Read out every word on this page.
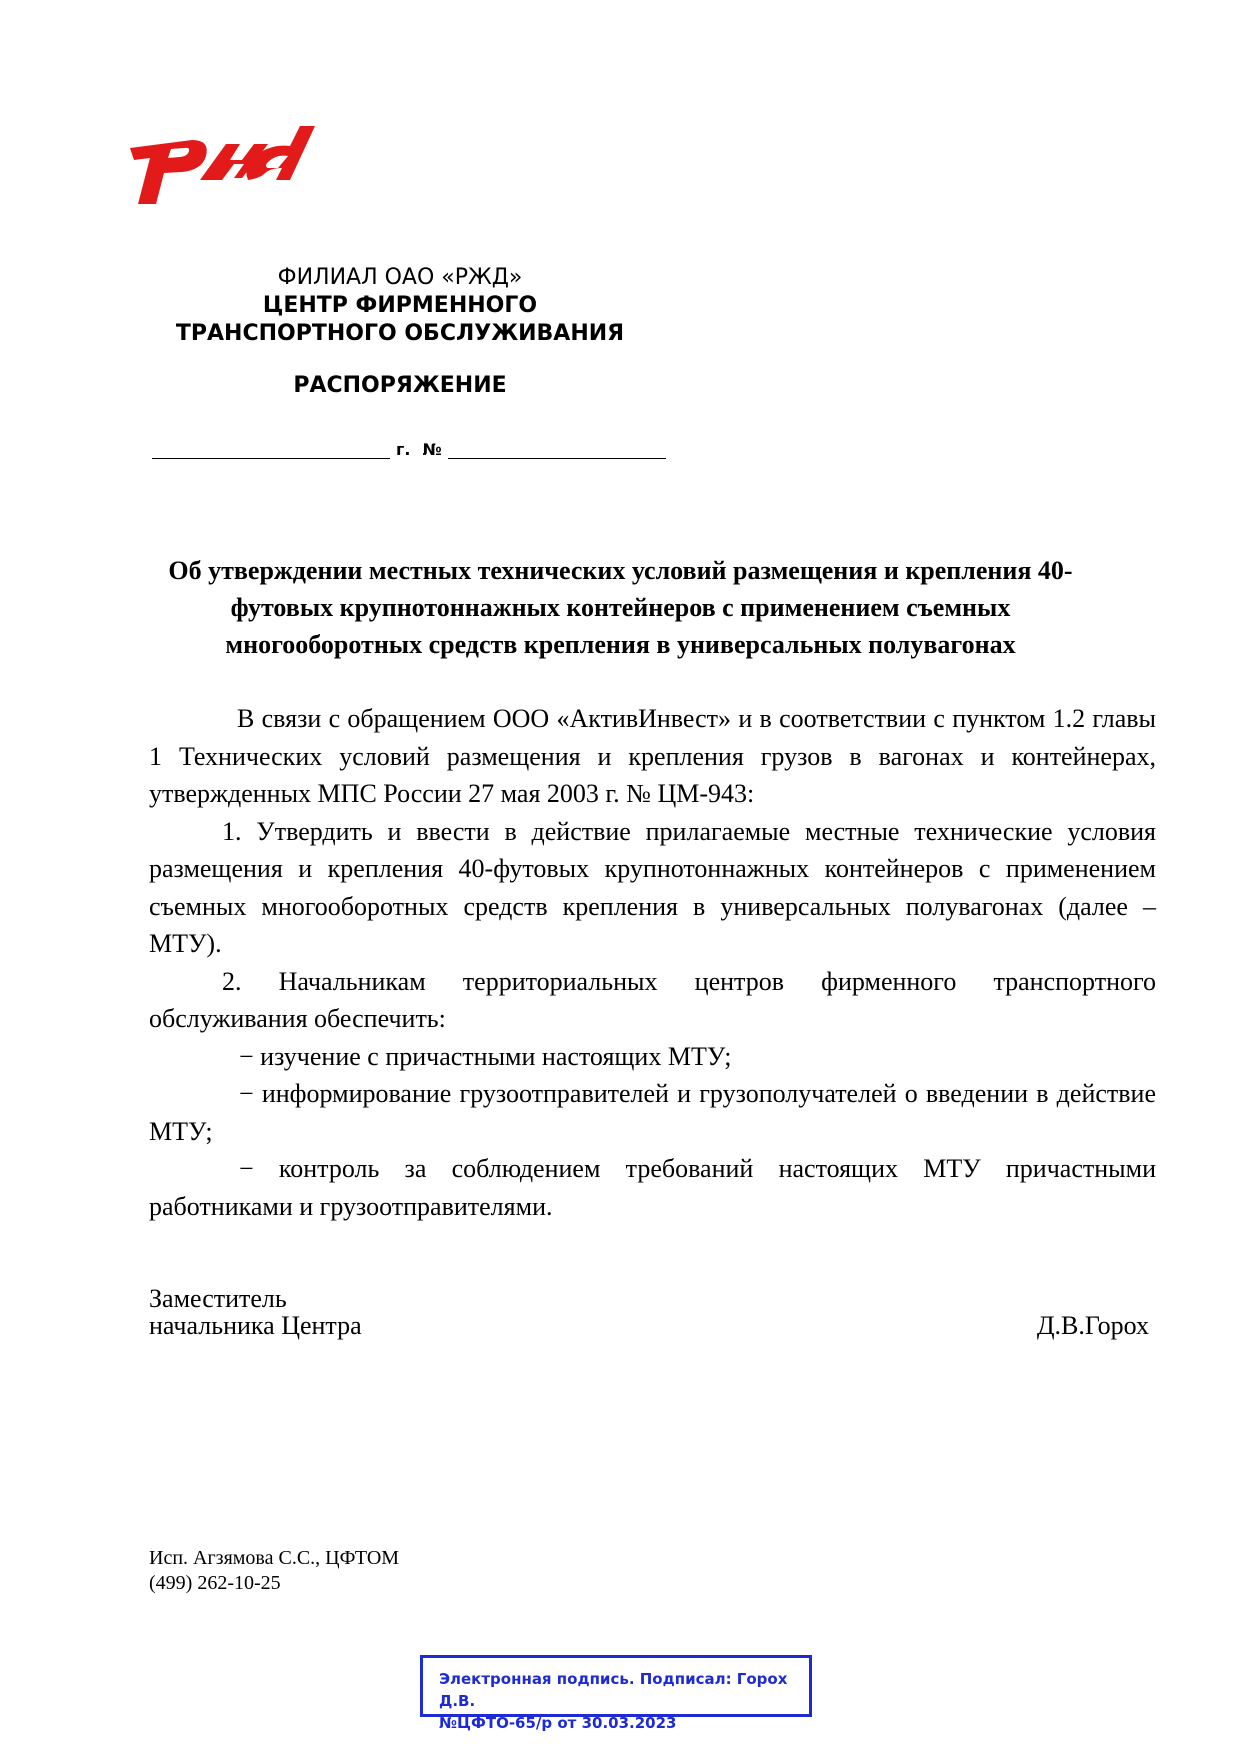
ФИЛИАЛ ОАО «РЖД»
ЦЕНТР ФИРМЕННОГО
ТРАНСПОРТНОГО ОБСЛУЖИВАНИЯ
РАСПОРЯЖЕНИЕ
г. №
Об утверждении местных технических условий размещения и крепления 40-футовых крупнотоннажных контейнеров с применением съемных многооборотных средств крепления в универсальных полувагонах

В связи с обращением ООО «АктивИнвест» и в соответствии с пунктом 1.2 главы 1 Технических условий размещения и крепления грузов в вагонах и контейнерах, утвержденных МПС России 27 мая 2003 г. № ЦМ-943:

1. Утвердить и ввести в действие прилагаемые местные технические условия размещения и крепления 40-футовых крупнотоннажных контейнеров с применением съемных многооборотных средств крепления в универсальных полувагонах (далее – МТУ).

2. Начальникам территориальных центров фирменного транспортного обслуживания обеспечить:

− изучение с причастными настоящих МТУ;

− информирование грузоотправителей и грузополучателей о введении в действие МТУ;

− контроль за соблюдением требований настоящих МТУ причастными работниками и грузоотправителями.

Заместитель
начальника Центра	Д.В.Горох
Исп. Агзямова С.С., ЦФТОМ
(499) 262-10-25
Электронная подпись. Подписал: Горох Д.В.
№ЦФТО-65/р от 30.03.2023
